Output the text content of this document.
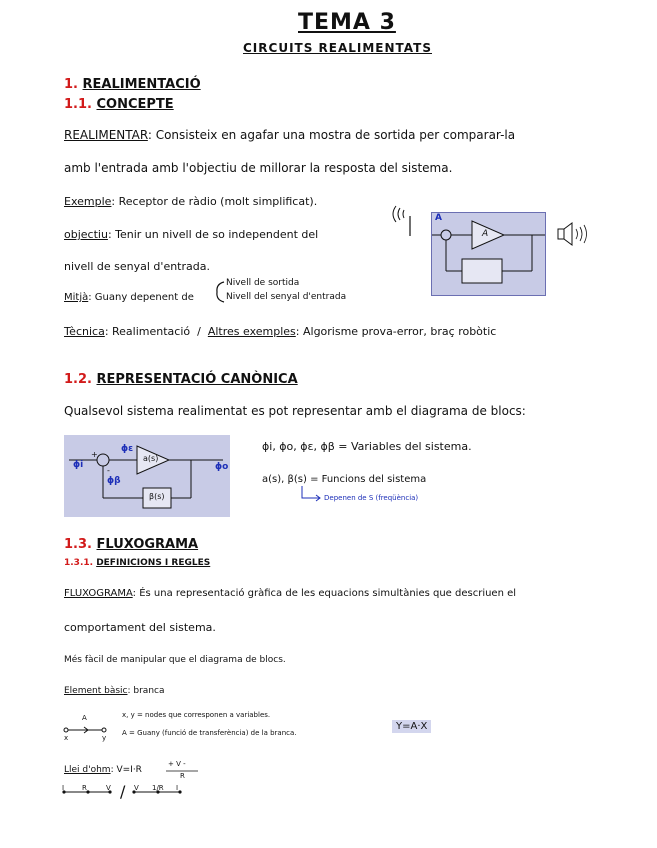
TEMA 3
CIRCUITS REALIMENTATS
1. REALIMENTACIÓ
1.1. CONCEPTE
REALIMENTAR: Consisteix en agafar una mostra de sortida per comparar-la
amb l'entrada amb l'objectiu de millorar la resposta del sistema.
Exemple: Receptor de ràdio (molt simplificat).
objectiu: Tenir un nivell de so independent del
nivell de senyal d'entrada.
Mitjà: Guany depenent de
Nivell de sortida
Nivell del senyal d'entrada
Tècnica: Realimentació  /  Altres exemples: Algorisme prova-error, braç robòtic
A
A
1.2. REPRESENTACIÓ CANÒNICA
Qualsevol sistema realimentat es pot representar amb el diagrama de blocs:
ϕi
+
-
ϕε
a(s)
ϕo
ϕβ
β(s)
ϕi, ϕo, ϕε, ϕβ = Variables del sistema.
a(s), β(s) = Funcions del sistema
Depenen de S (freqüència)
1.3. FLUXOGRAMA
1.3.1. DEFINICIONS I REGLES
FLUXOGRAMA: És una representació gràfica de les equacions simultànies que descriuen el
comportament del sistema.
Més fàcil de manipular que el diagrama de blocs.
Element bàsic: branca
A
x	y
x, y = nodes que corresponen a variables.
A = Guany (funció de transferència) de la branca.
Y=A·X
Llei d'ohm: V=I·R
+ V -
R
I	R	V / V 1/R I
